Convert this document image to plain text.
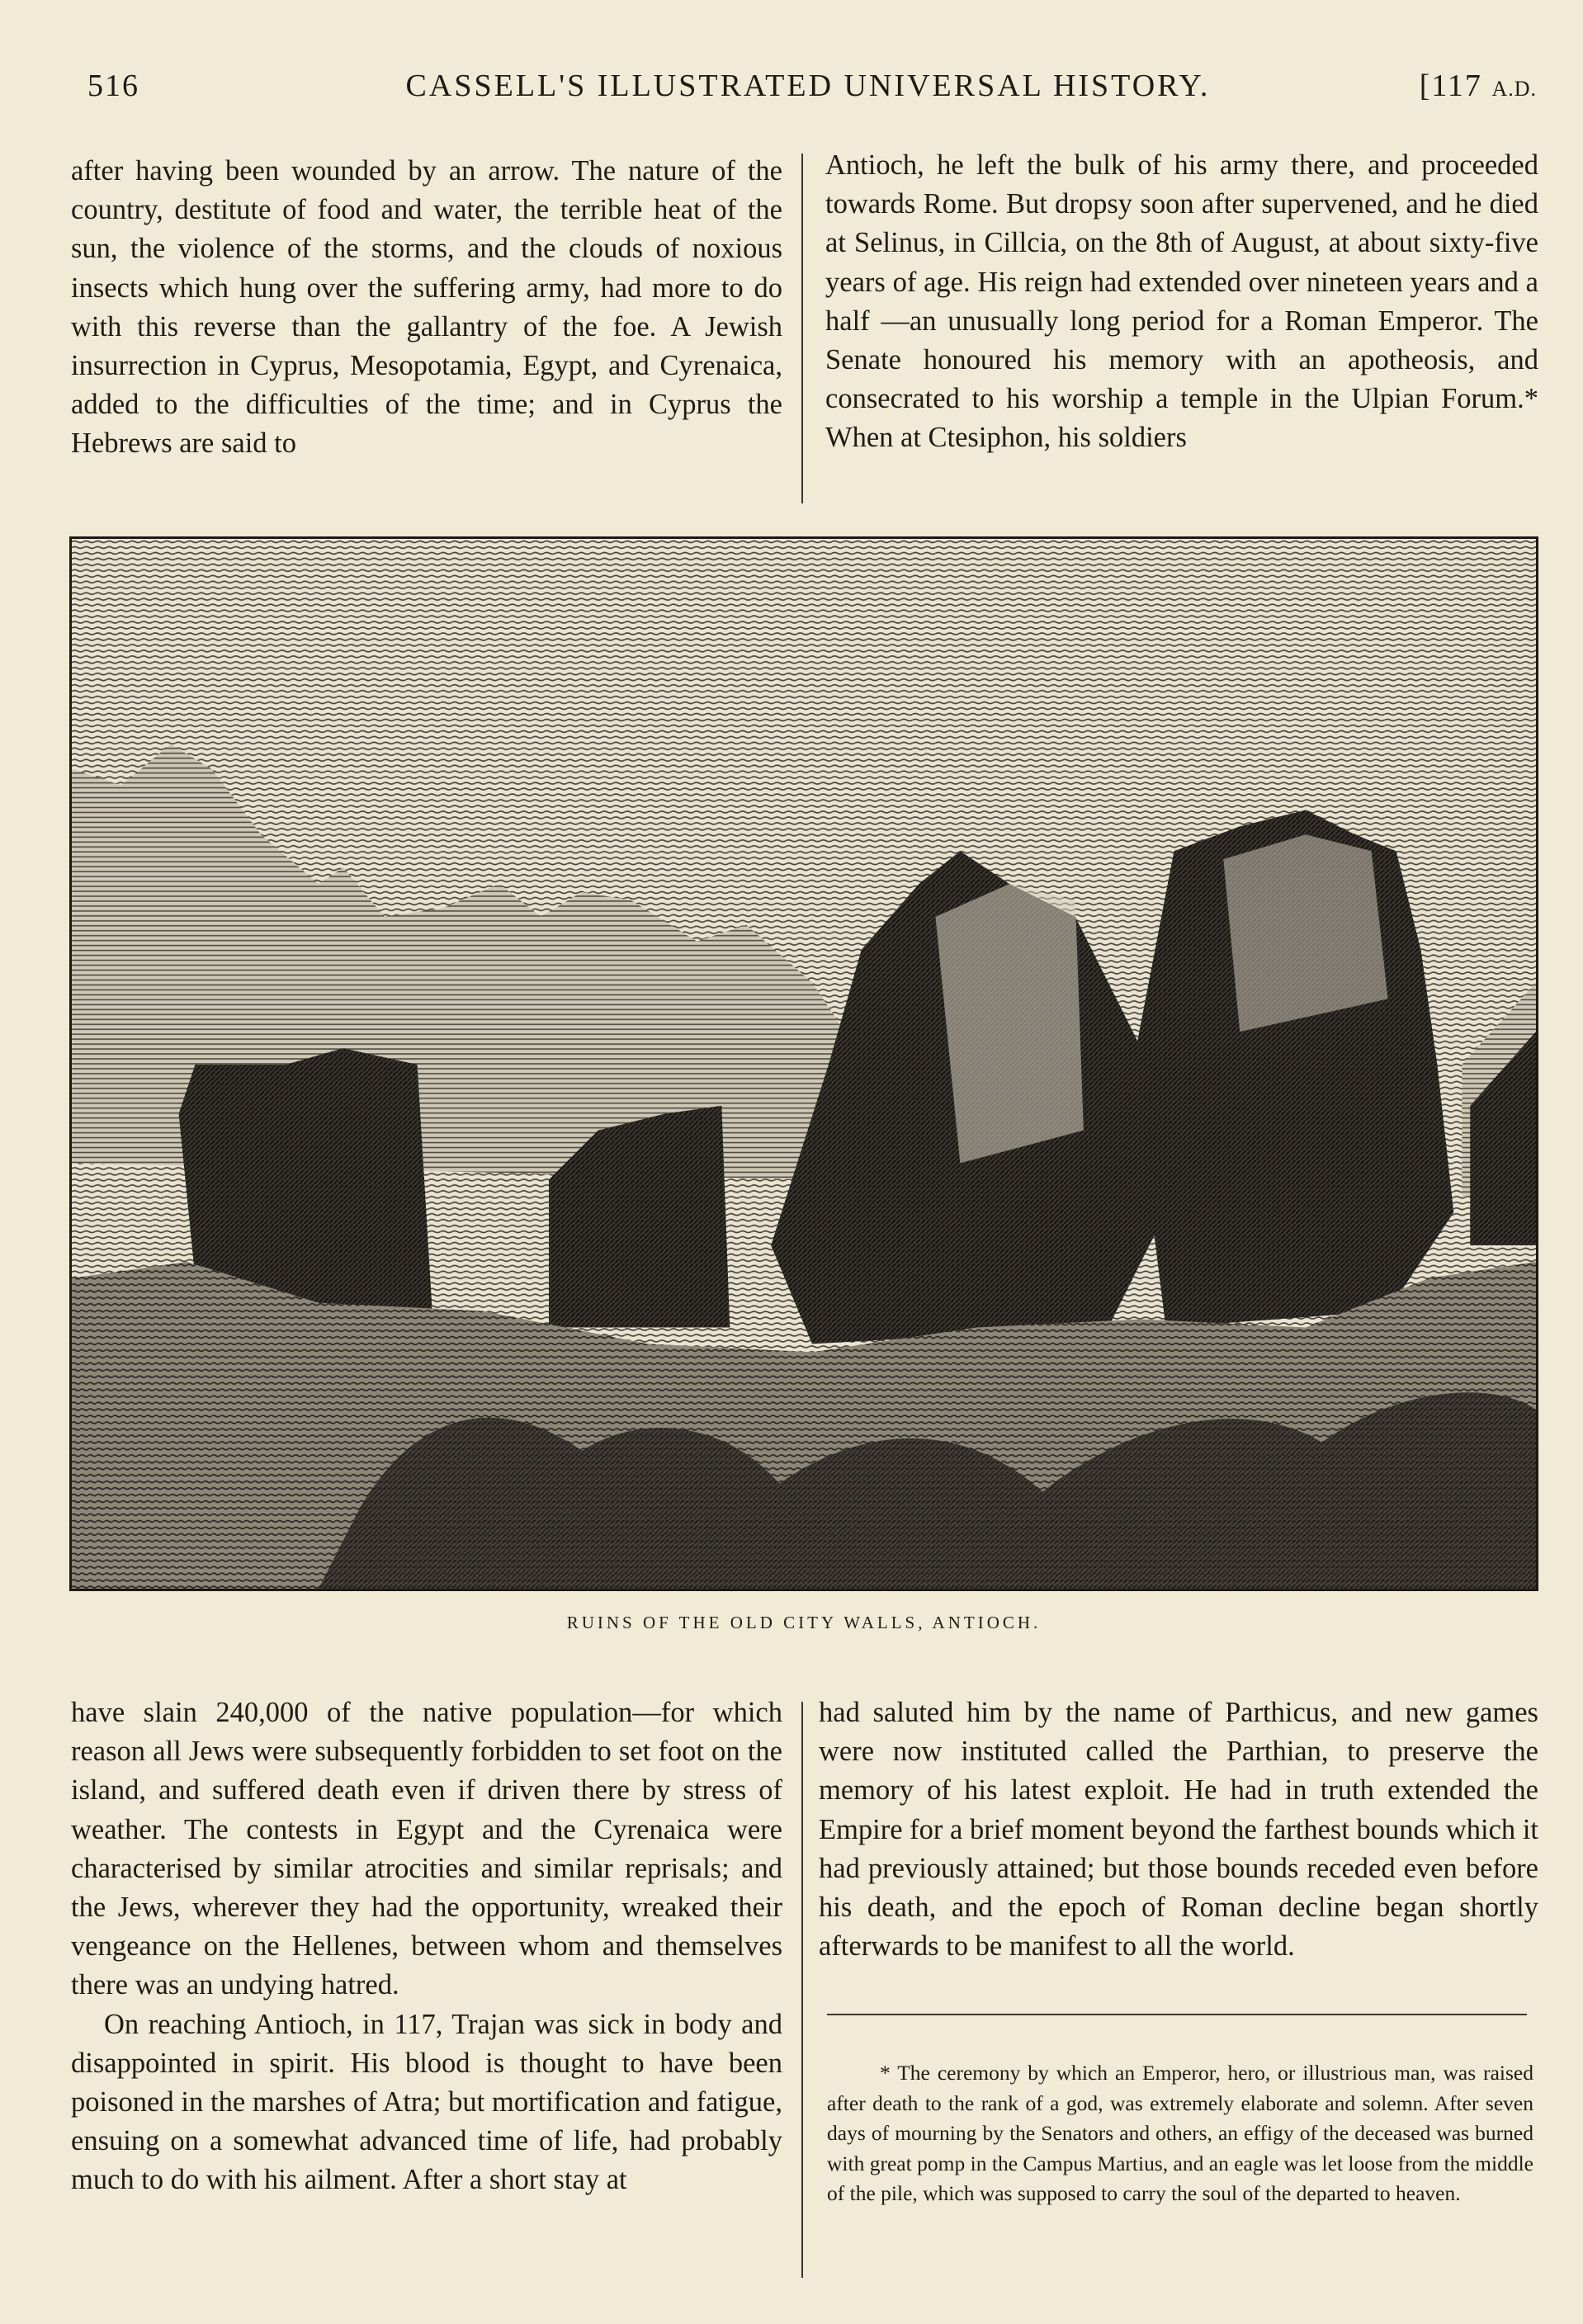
516	CASSELL'S ILLUSTRATED UNIVERSAL HISTORY.	[117 A.D.

after having been wounded by an arrow. The nature of the country, destitute of food and water, the terrible heat of the sun, the violence of the storms, and the clouds of noxious insects which hung over the suffering army, had more to do with this reverse than the gallantry of the foe. A Jewish insurrection in Cyprus, Mesopotamia, Egypt, and Cyrenaica, added to the difficulties of the time; and in Cyprus the Hebrews are said to

Antioch, he left the bulk of his army there, and proceeded towards Rome. But dropsy soon after supervened, and he died at Selinus, in Cillcia, on the 8th of August, at about sixty-five years of age. His reign had extended over nineteen years and a half —an unusually long period for a Roman Emperor. The Senate honoured his memory with an apotheosis, and consecrated to his worship a temple in the Ulpian Forum.* When at Ctesiphon, his soldiers

RUINS OF THE OLD CITY WALLS, ANTIOCH.

have slain 240,000 of the native population—for which reason all Jews were subsequently forbidden to set foot on the island, and suffered death even if driven there by stress of weather. The contests in Egypt and the Cyrenaica were characterised by similar atrocities and similar reprisals; and the Jews, wherever they had the opportunity, wreaked their vengeance on the Hellenes, between whom and themselves there was an undying hatred.

On reaching Antioch, in 117, Trajan was sick in body and disappointed in spirit. His blood is thought to have been poisoned in the marshes of Atra; but mortification and fatigue, ensuing on a somewhat advanced time of life, had probably much to do with his ailment. After a short stay at

had saluted him by the name of Parthicus, and new games were now instituted called the Parthian, to preserve the memory of his latest exploit. He had in truth extended the Empire for a brief moment beyond the farthest bounds which it had previously attained; but those bounds receded even before his death, and the epoch of Roman decline began shortly afterwards to be manifest to all the world.

* The ceremony by which an Emperor, hero, or illustrious man, was raised after death to the rank of a god, was extremely elaborate and solemn. After seven days of mourning by the Senators and others, an effigy of the deceased was burned with great pomp in the Campus Martius, and an eagle was let loose from the middle of the pile, which was supposed to carry the soul of the departed to heaven.
